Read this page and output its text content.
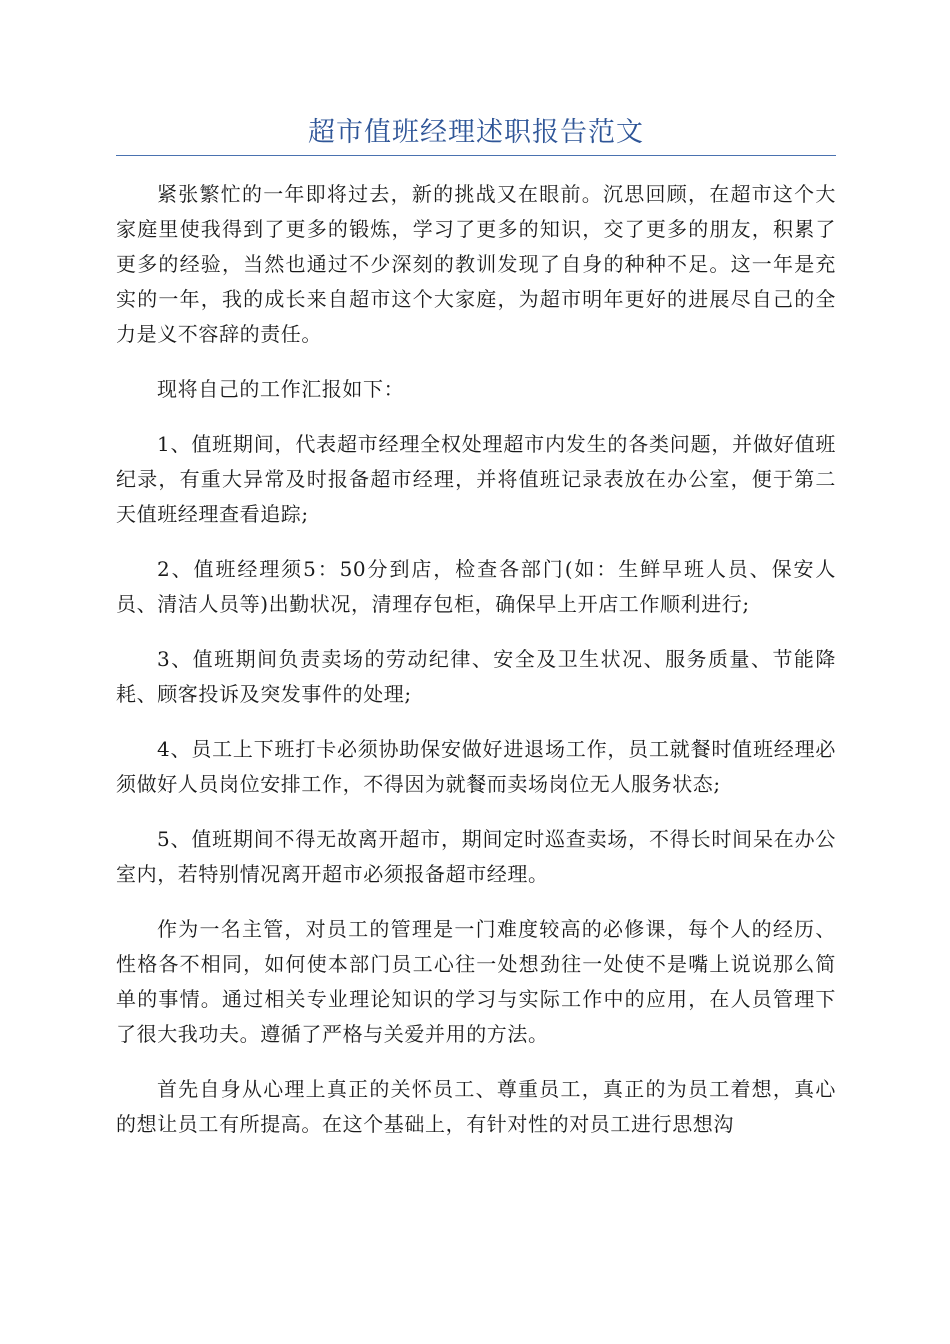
超市值班经理述职报告范文

紧张繁忙的一年即将过去，新的挑战又在眼前。沉思回顾，在超市这个大家庭里使我得到了更多的锻炼，学习了更多的知识，交了更多的朋友，积累了更多的经验，当然也通过不少深刻的教训发现了自身的种种不足。这一年是充实的一年，我的成长来自超市这个大家庭，为超市明年更好的进展尽自己的全力是义不容辞的责任。

现将自己的工作汇报如下：

1、值班期间，代表超市经理全权处理超市内发生的各类问题，并做好值班纪录，有重大异常及时报备超市经理，并将值班记录表放在办公室，便于第二天值班经理查看追踪;

2、值班经理须5：50分到店，检查各部门(如：生鲜早班人员、保安人员、清洁人员等)出勤状况，清理存包柜，确保早上开店工作顺利进行;

3、值班期间负责卖场的劳动纪律、安全及卫生状况、服务质量、节能降耗、顾客投诉及突发事件的处理;

4、员工上下班打卡必须协助保安做好进退场工作，员工就餐时值班经理必须做好人员岗位安排工作，不得因为就餐而卖场岗位无人服务状态;

5、值班期间不得无故离开超市，期间定时巡查卖场，不得长时间呆在办公室内，若特别情况离开超市必须报备超市经理。

作为一名主管，对员工的管理是一门难度较高的必修课，每个人的经历、性格各不相同，如何使本部门员工心往一处想劲往一处使不是嘴上说说那么简单的事情。通过相关专业理论知识的学习与实际工作中的应用，在人员管理下了很大我功夫。遵循了严格与关爱并用的方法。

首先自身从心理上真正的关怀员工、尊重员工，真正的为员工着想，真心的想让员工有所提高。在这个基础上，有针对性的对员工进行思想沟
